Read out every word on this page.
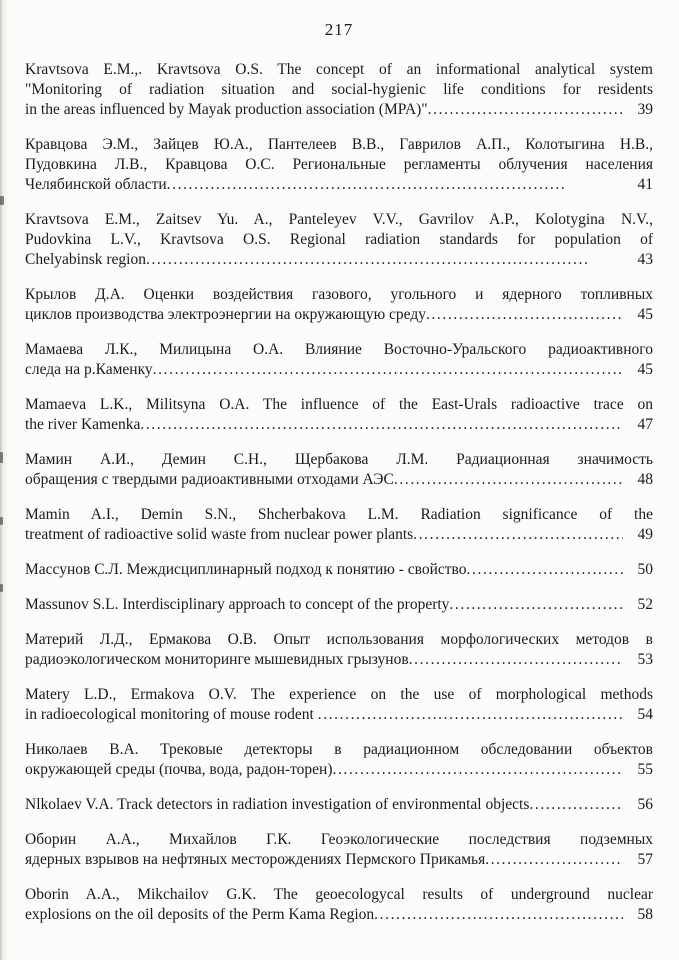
217
Kravtsova E.M.,. Kravtsova O.S. The concept of an informational analytical system
"Monitoring of radiation situation and social-hygienic life conditions for residents
in the areas influenced by Mayak production association (MPA)" .....	39
Кравцова Э.М., Зайцев Ю.А., Пантелеев В.В., Гаврилов А.П., Колотыгина Н.В.,
Пудовкина Л.В., Кравцова О.С. Региональные регламенты облучения населения
Челябинской области .....	41
Kravtsova E.M., Zaitsev Yu. A., Panteleyev V.V., Gavrilov A.P., Kolotygina N.V.,
Pudovkina L.V., Kravtsova O.S. Regional radiation standards for population of
Chelyabinsk region .....	43
Крылов Д.А. Оценки воздействия газового, угольного и ядерного топливных
циклов производства электроэнергии на окружающую среду .....	45
Мамаева Л.К., Милицына О.А. Влияние Восточно-Уральского радиоактивного
следа на р.Каменку .....	45
Mamaeva L.K., Militsyna O.A. The influence of the East-Urals radioactive trace on
the river Kamenka .....	47
Мамин А.И., Демин С.Н., Щербакова Л.М. Радиационная значимость
обращения с твердыми радиоактивными отходами АЭС .....	48
Mamin A.I., Demin S.N., Shcherbakova L.M. Radiation significance of the
treatment of radioactive solid waste from nuclear power plants .....	49
Массунов С.Л. Междисциплинарный подход к понятию - свойство .....	50
Massunov S.L. Interdisciplinary approach to concept of the property .....	52
Материй Л.Д., Ермакова О.В. Опыт использования морфологических методов в
радиоэкологическом мониторинге мышевидных грызунов .....	53
Matery L.D., Ermakova O.V. The experience on the use of morphological methods
in radioecological monitoring of mouse rodent .....	54
Николаев В.А. Трековые детекторы в радиационном обследовании объектов
окружающей среды (почва, вода, радон-торен) .....	55
Nlkolaev V.A. Track detectors in radiation investigation of environmental objects .....	56
Оборин А.А., Михайлов Г.К. Геоэкологические последствия подземных
ядерных взрывов на нефтяных месторождениях Пермского Прикамья .....	57
Oborin A.A., Mikchailov G.K. The geoecologycal results of underground nuclear
explosions on the oil deposits of the Perm Kama Region .....	58
